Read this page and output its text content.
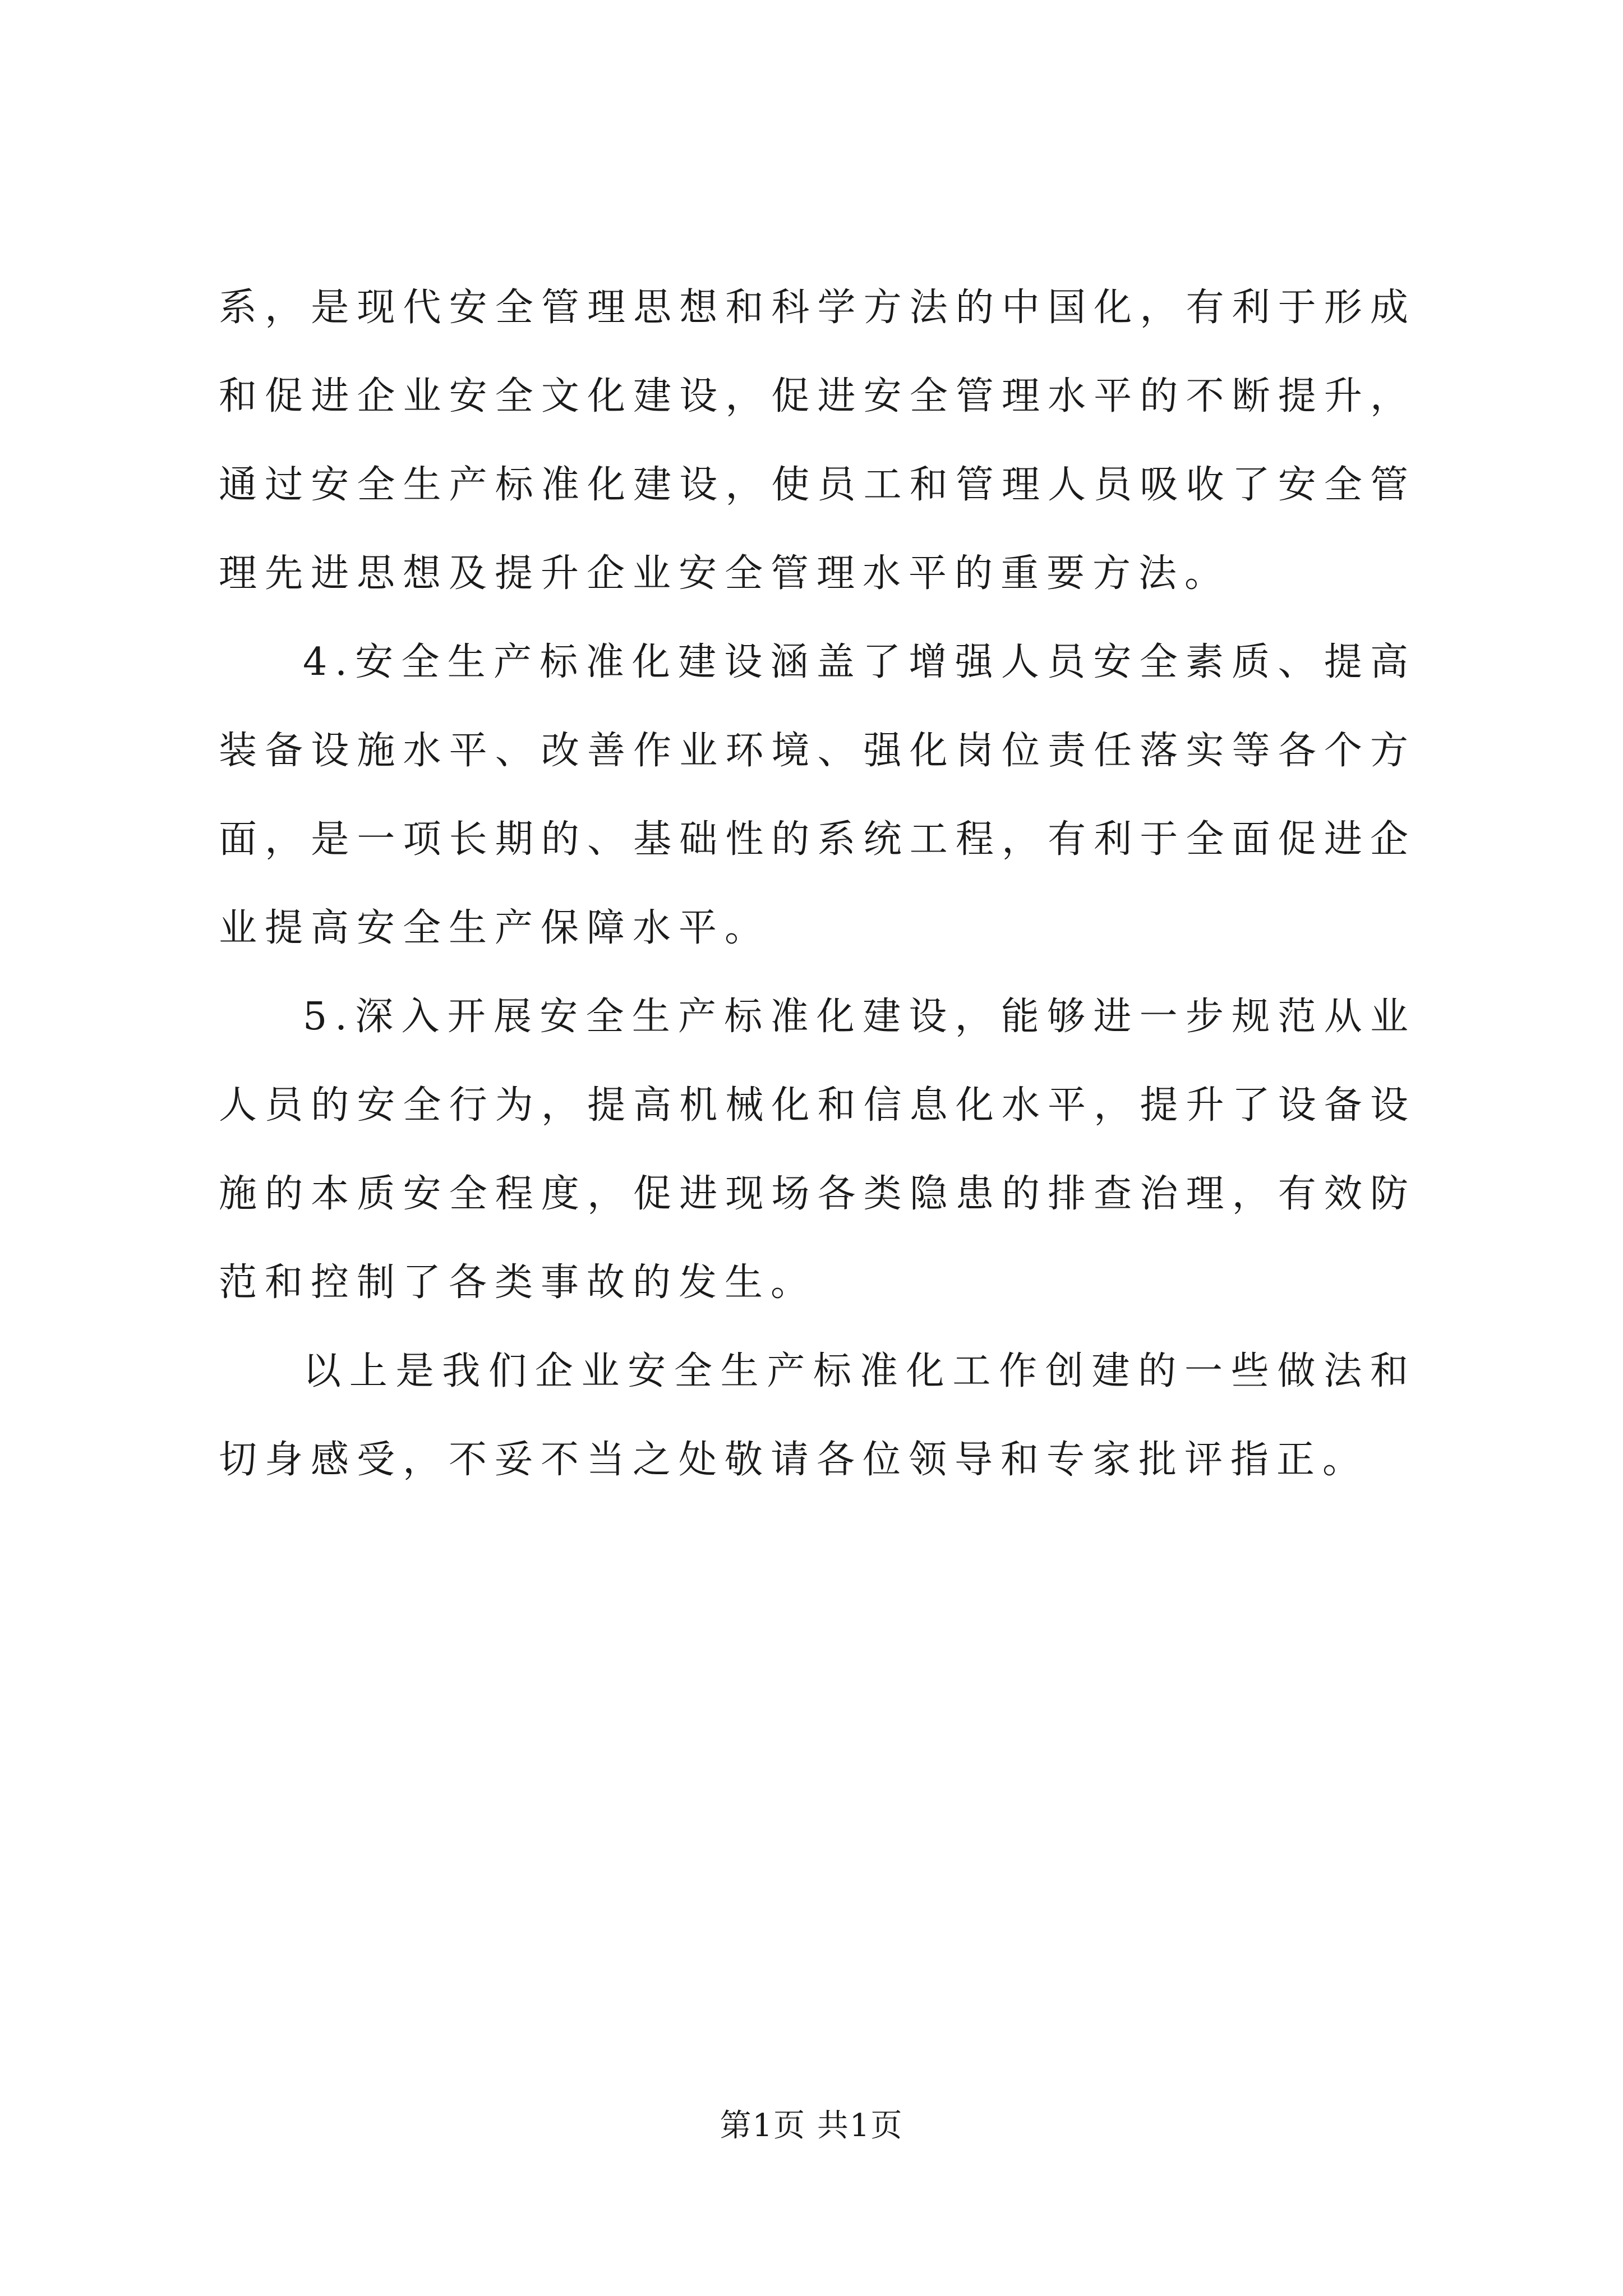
系，是现代安全管理思想和科学方法的中国化，有利于形成和促进企业安全文化建设，促进安全管理水平的不断提升，通过安全生产标准化建设，使员工和管理人员吸收了安全管理先进思想及提升企业安全管理水平的重要方法。

4.安全生产标准化建设涵盖了增强人员安全素质、提高装备设施水平、改善作业环境、强化岗位责任落实等各个方面，是一项长期的、基础性的系统工程，有利于全面促进企业提高安全生产保障水平。

5.深入开展安全生产标准化建设，能够进一步规范从业人员的安全行为，提高机械化和信息化水平，提升了设备设施的本质安全程度，促进现场各类隐患的排查治理，有效防范和控制了各类事故的发生。

以上是我们企业安全生产标准化工作创建的一些做法和切身感受，不妥不当之处敬请各位领导和专家批评指正。

第1页 共1页
